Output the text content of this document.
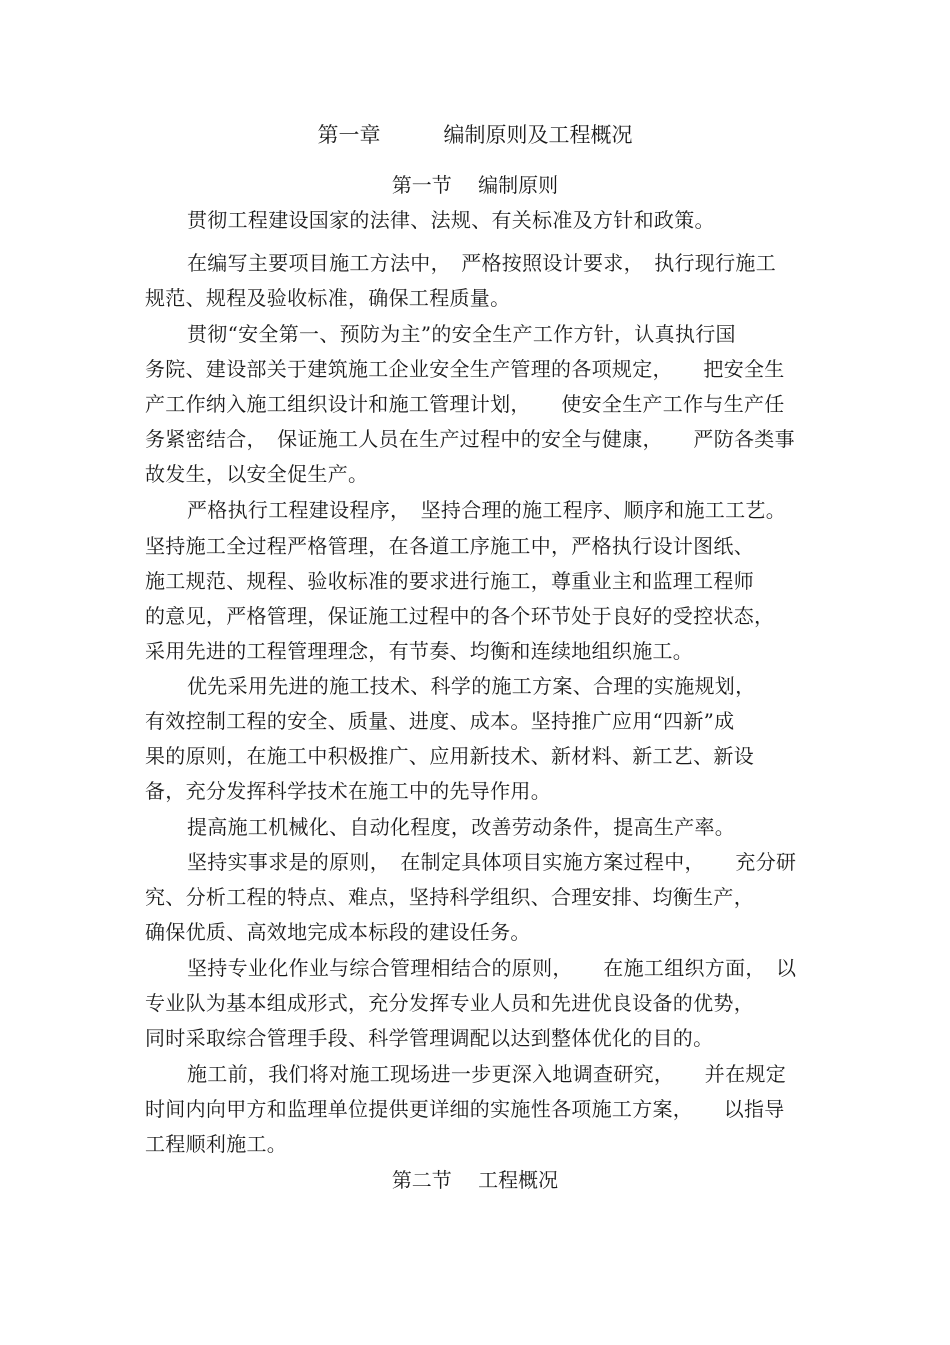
第一章　　　编制原则及工程概况
第一节　 编制原则
贯彻工程建设国家的法律、法规、有关标准及方针和政策。
在编写主要项目施工方法中，　严格按照设计要求，　执行现行施工
规范、规程及验收标准，确保工程质量。
贯彻“安全第一、预防为主”的安全生产工作方针，认真执行国
务院、建设部关于建筑施工企业安全生产管理的各项规定，　　把安全生
产工作纳入施工组织设计和施工管理计划，　　使安全生产工作与生产任
务紧密结合，　保证施工人员在生产过程中的安全与健康，　　严防各类事
故发生，以安全促生产。
严格执行工程建设程序，　坚持合理的施工程序、顺序和施工工艺。
坚持施工全过程严格管理，在各道工序施工中，严格执行设计图纸、
施工规范、规程、验收标准的要求进行施工，尊重业主和监理工程师
的意见，严格管理，保证施工过程中的各个环节处于良好的受控状态，
采用先进的工程管理理念，有节奏、均衡和连续地组织施工。
优先采用先进的施工技术、科学的施工方案、合理的实施规划，
有效控制工程的安全、质量、进度、成本。坚持推广应用“四新”成
果的原则，在施工中积极推广、应用新技术、新材料、新工艺、新设
备，充分发挥科学技术在施工中的先导作用。
提高施工机械化、自动化程度，改善劳动条件，提高生产率。
坚持实事求是的原则，　在制定具体项目实施方案过程中，　　充分研
究、分析工程的特点、难点，坚持科学组织、合理安排、均衡生产，
确保优质、高效地完成本标段的建设任务。
坚持专业化作业与综合管理相结合的原则，　　在施工组织方面，　以
专业队为基本组成形式，充分发挥专业人员和先进优良设备的优势，
同时采取综合管理手段、科学管理调配以达到整体优化的目的。
施工前，我们将对施工现场进一步更深入地调查研究，　　并在规定
时间内向甲方和监理单位提供更详细的实施性各项施工方案，　　以指导
工程顺利施工。
第二节　 工程概况
